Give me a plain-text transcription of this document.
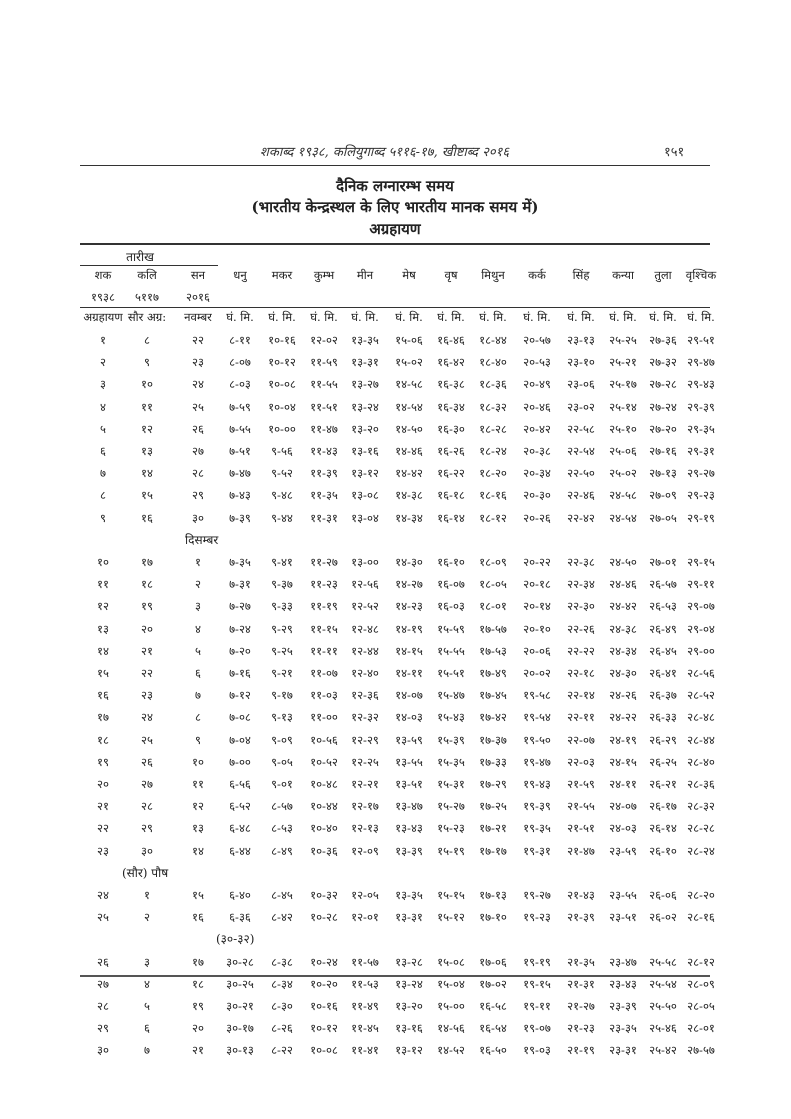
शकाब्द १९३८, कलियुगाब्द ५११६-१७, खीष्टाब्द २०१६	१५१
दैनिक लग्नारम्भ समय
(भारतीय केन्द्रस्थल के लिए भारतीय मानक समय में)
अग्रहायण
तारीख
शक	कलि	सन	धनु	मकर	कुम्भ	मीन	मेष	वृष	मिथुन	कर्क	सिंह	कन्या	तुला	वृश्चिक
१९३८	५११७	२०१६
अग्रहायण सौर अग्र:	नवम्बर	घं. मि.	घं. मि.	घं. मि.	घं. मि.	घं. मि.	घं. मि.	घं. मि.	घं. मि.	घं. मि.	घं. मि.	घं. मि. घं. मि.
१	८	२२	८-११	१०-१६	१२-०२	१३-३५	१५-०६	१६-४६	१८-४४	२०-५७	२३-१३	२५-२५	२७-३६ २९-५१
२	९	२३	८-०७	१०-१२	११-५९	१३-३१	१५-०२	१६-४२	१८-४०	२०-५३	२३-१०	२५-२१	२७-३२ २९-४७
३	१०	२४	८-०३	१०-०८	११-५५	१३-२७	१४-५८	१६-३८	१८-३६	२०-४९	२३-०६	२५-१७	२७-२८ २९-४३
४	११	२५	७-५९	१०-०४	११-५१	१३-२४	१४-५४	१६-३४	१८-३२	२०-४६	२३-०२	२५-१४	२७-२४ २९-३९
५	१२	२६	७-५५	१०-००	११-४७	१३-२०	१४-५०	१६-३०	१८-२८	२०-४२	२२-५८	२५-१०	२७-२० २९-३५
६	१३	२७	७-५१	९-५६	११-४३	१३-१६	१४-४६	१६-२६	१८-२४	२०-३८	२२-५४	२५-०६	२७-१६ २९-३१
७	१४	२८	७-४७	९-५२	११-३९	१३-१२	१४-४२	१६-२२	१८-२०	२०-३४	२२-५०	२५-०२	२७-१३ २९-२७
८	१५	२९	७-४३	९-४८	११-३५	१३-०८	१४-३८	१६-१८	१८-१६	२०-३०	२२-४६	२४-५८	२७-०९ २९-२३
९	१६	३०	७-३९	९-४४	११-३१	१३-०४	१४-३४	१६-१४	१८-१२	२०-२६	२२-४२	२४-५४	२७-०५ २९-१९
दिसम्बर
१०	१७	१	७-३५	९-४१	११-२७	१३-००	१४-३०	१६-१०	१८-०९	२०-२२	२२-३८	२४-५०	२७-०१ २९-१५
११	१८	२	७-३१	९-३७	११-२३	१२-५६	१४-२७	१६-०७	१८-०५	२०-१८	२२-३४	२४-४६	२६-५७ २९-११
१२	१९	३	७-२७	९-३३	११-१९	१२-५२	१४-२३	१६-०३	१८-०१	२०-१४	२२-३०	२४-४२	२६-५३ २९-०७
१३	२०	४	७-२४	९-२९	११-१५	१२-४८	१४-१९	१५-५९	१७-५७	२०-१०	२२-२६	२४-३८	२६-४९ २९-०४
१४	२१	५	७-२०	९-२५	११-११	१२-४४	१४-१५	१५-५५	१७-५३	२०-०६	२२-२२	२४-३४	२६-४५ २९-००
१५	२२	६	७-१६	९-२१	११-०७	१२-४०	१४-११	१५-५१	१७-४९	२०-०२	२२-१८	२४-३०	२६-४१ २८-५६
१६	२३	७	७-१२	९-१७	११-०३	१२-३६	१४-०७	१५-४७	१७-४५	१९-५८	२२-१४	२४-२६	२६-३७ २८-५२
१७	२४	८	७-०८	९-१३	११-००	१२-३२	१४-०३	१५-४३	१७-४२	१९-५४	२२-११	२४-२२	२६-३३ २८-४८
१८	२५	९	७-०४	९-०९	१०-५६	१२-२९	१३-५९	१५-३९	१७-३७	१९-५०	२२-०७	२४-१९	२६-२९ २८-४४
१९	२६	१०	७-००	९-०५	१०-५२	१२-२५	१३-५५	१५-३५	१७-३३	१९-४७	२२-०३	२४-१५	२६-२५ २८-४०
२०	२७	११	६-५६	९-०१	१०-४८	१२-२१	१३-५१	१५-३१	१७-२९	१९-४३	२१-५९	२४-११	२६-२१ २८-३६
२१	२८	१२	६-५२	८-५७	१०-४४	१२-१७	१३-४७	१५-२७	१७-२५	१९-३९	२१-५५	२४-०७	२६-१७ २८-३२
२२	२९	१३	६-४८	८-५३	१०-४०	१२-१३	१३-४३	१५-२३	१७-२१	१९-३५	२१-५१	२४-०३	२६-१४ २८-२८
२३	३०	१४	६-४४	८-४९	१०-३६	१२-०९	१३-३९	१५-१९	१७-१७	१९-३१	२१-४७	२३-५९	२६-१० २८-२४
(सौर) पौष
२४	१	१५	६-४०	८-४५	१०-३२	१२-०५	१३-३५	१५-१५	१७-१३	१९-२७	२१-४३	२३-५५	२६-०६ २८-२०
२५	२	१६	६-३६	८-४२	१०-२८	१२-०१	१३-३१	१५-१२	१७-१०	१९-२३	२१-३९	२३-५१	२६-०२ २८-१६
(३०-३२)
२६	३	१७	३०-२८	८-३८	१०-२४	११-५७	१३-२८	१५-०८	१७-०६	१९-१९	२१-३५	२३-४७	२५-५८ २८-१२
२७	४	१८	३०-२५	८-३४	१०-२०	११-५३	१३-२४	१५-०४	१७-०२	१९-१५	२१-३१	२३-४३	२५-५४ २८-०९
२८	५	१९	३०-२१	८-३०	१०-१६	११-४९	१३-२०	१५-००	१६-५८	१९-११	२१-२७	२३-३९	२५-५० २८-०५
२९	६	२०	३०-१७	८-२६	१०-१२	११-४५	१३-१६	१४-५६	१६-५४	१९-०७	२१-२३	२३-३५	२५-४६ २८-०१
३०	७	२१	३०-१३	८-२२	१०-०८	११-४१	१३-१२	१४-५२	१६-५०	१९-०३	२१-१९	२३-३१	२५-४२ २७-५७
